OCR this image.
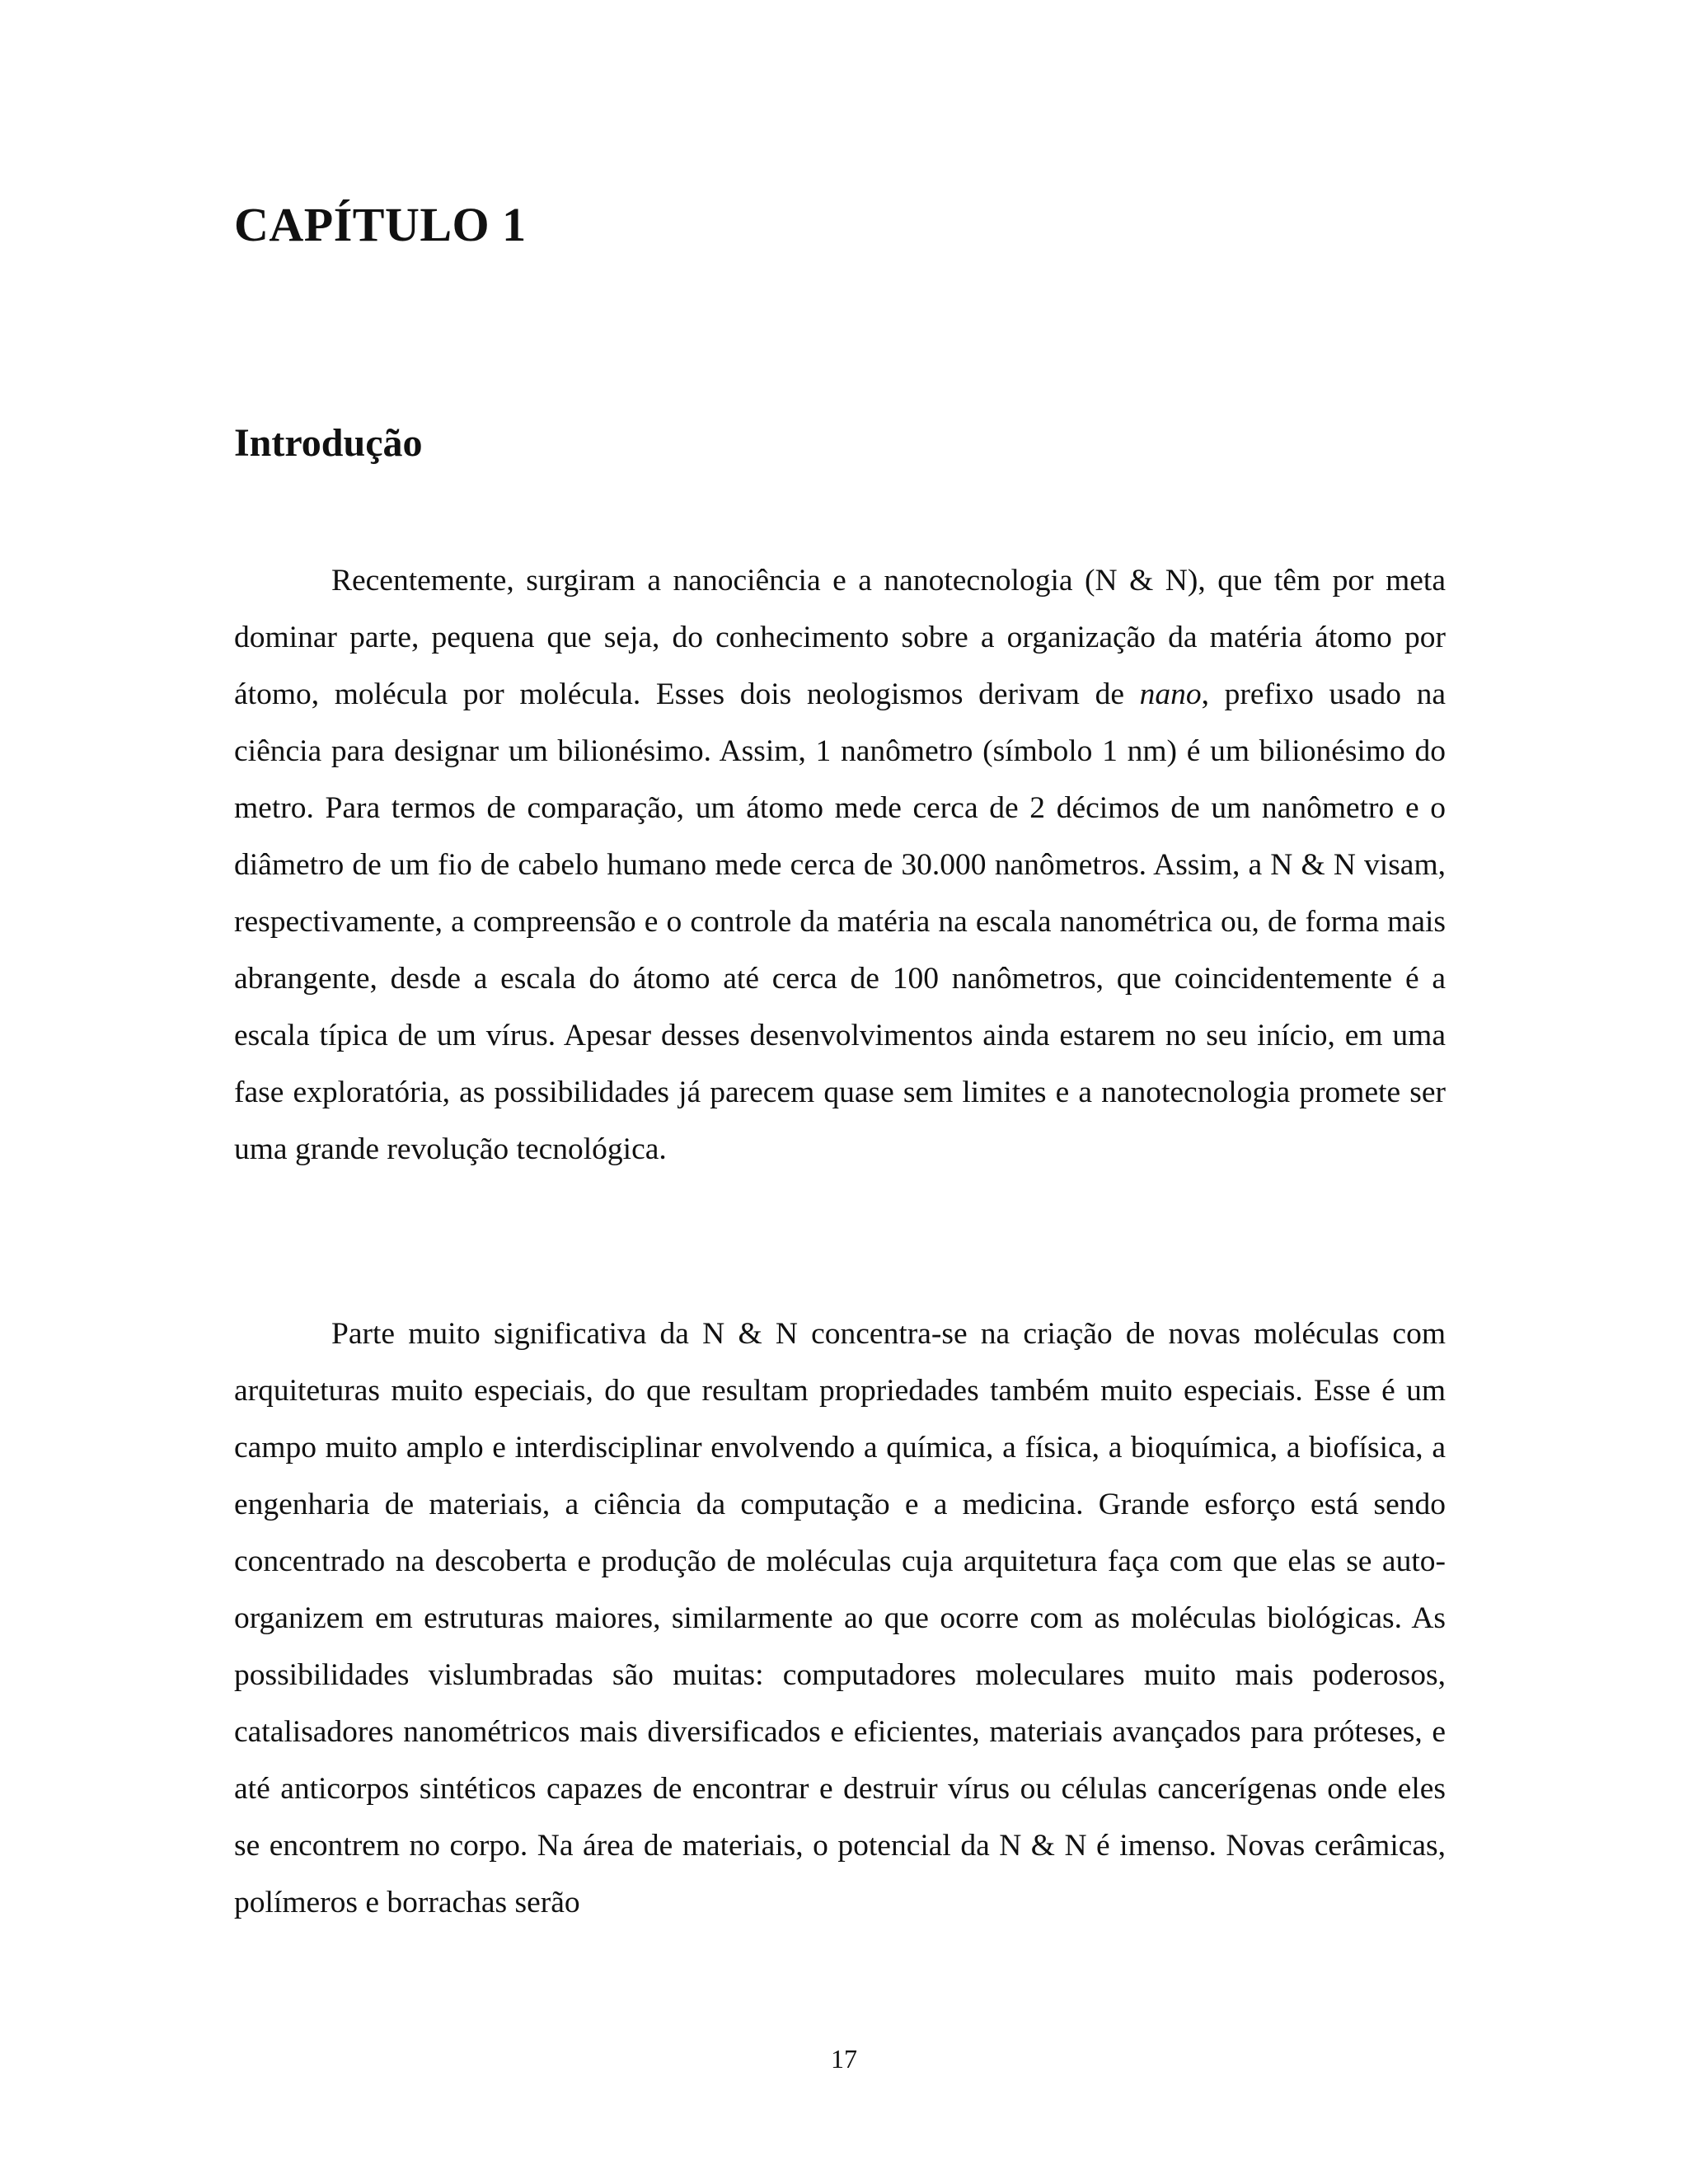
CAPÍTULO 1
Introdução

Recentemente, surgiram a nanociência e a nanotecnologia (N & N), que têm por meta dominar parte, pequena que seja, do conhecimento sobre a organização da matéria átomo por átomo, molécula por molécula. Esses dois neologismos derivam de nano, prefixo usado na ciência para designar um bilionésimo. Assim, 1 nanômetro (símbolo 1 nm) é um bilionésimo do metro. Para termos de comparação, um átomo mede cerca de 2 décimos de um nanômetro e o diâmetro de um fio de cabelo humano mede cerca de 30.000 nanômetros. Assim, a N & N visam, respectivamente, a compreensão e o controle da matéria na escala nanométrica ou, de forma mais abrangente, desde a escala do átomo até cerca de 100 nanômetros, que coincidentemente é a escala típica de um vírus. Apesar desses desenvolvimentos ainda estarem no seu início, em uma fase exploratória, as possibilidades já parecem quase sem limites e a nanotecnologia promete ser uma grande revolução tecnológica.

Parte muito significativa da N & N concentra-se na criação de novas moléculas com arquiteturas muito especiais, do que resultam propriedades também muito especiais. Esse é um campo muito amplo e interdisciplinar envolvendo a química, a física, a bioquímica, a biofísica, a engenharia de materiais, a ciência da computação e a medicina. Grande esforço está sendo concentrado na descoberta e produção de moléculas cuja arquitetura faça com que elas se auto-organizem em estruturas maiores, similarmente ao que ocorre com as moléculas biológicas. As possibilidades vislumbradas são muitas: computadores moleculares muito mais poderosos, catalisadores nanométricos mais diversificados e eficientes, materiais avançados para próteses, e até anticorpos sintéticos capazes de encontrar e destruir vírus ou células cancerígenas onde eles se encontrem no corpo. Na área de materiais, o potencial da N & N é imenso. Novas cerâmicas, polímeros e borrachas serão

17
